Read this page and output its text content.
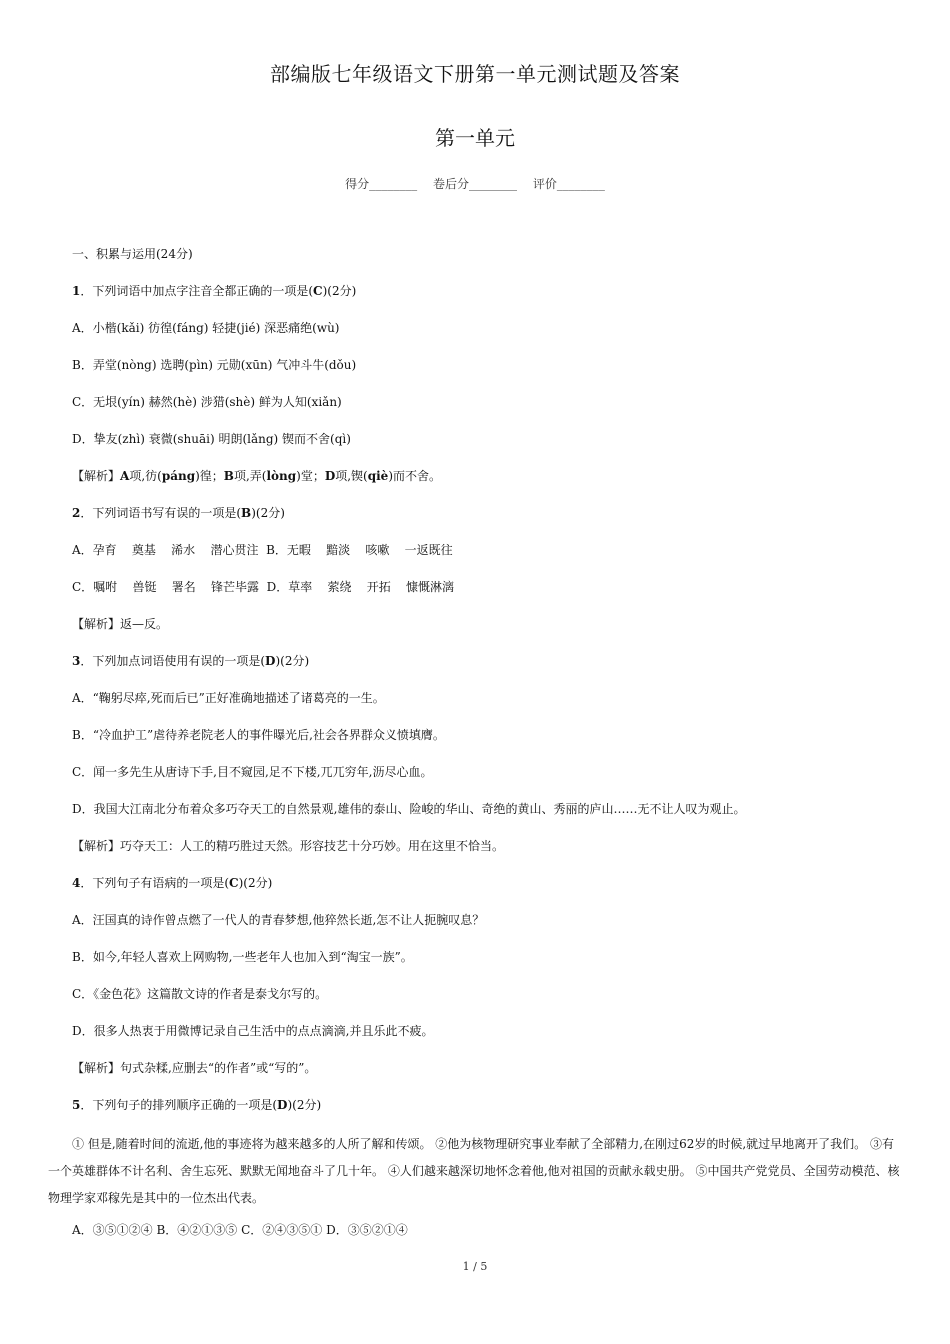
部编版七年级语文下册第一单元测试题及答案
第一单元
得分________ 卷后分________ 评价________
一、积累与运用(24分)
1．下列词语中加点字注音全都正确的一项是(C)(2分)
A．小楷(kǎi) 彷徨(fáng) 轻捷(jié) 深恶痛绝(wù)
B．弄堂(nòng) 选聘(pìn) 元勋(xūn) 气冲斗牛(dǒu)
C．无垠(yín) 赫然(hè) 涉猎(shè) 鲜为人知(xiǎn)
D．挚友(zhì) 衰微(shuāi) 明朗(lǎng) 锲而不舍(qì)
【解析】A项,彷(páng)徨；B项,弄(lòng)堂；D项,锲(qiè)而不舍。
2．下列词语书写有误的一项是(B)(2分)
A．孕育    奠基    浠水    潜心贯注  B．无暇    黯淡    咳嗽    一返既往
C．嘱咐    兽铤    署名    锋芒毕露  D．草率    萦绕    开拓    慷慨淋漓
【解析】返—反。
3．下列加点词语使用有误的一项是(D)(2分)
A．“鞠躬尽瘁,死而后已”正好准确地描述了诸葛亮的一生。
B．“冷血护工”虐待养老院老人的事件曝光后,社会各界群众义愤填膺。
C．闻一多先生从唐诗下手,目不窥园,足不下楼,兀兀穷年,沥尽心血。
D．我国大江南北分布着众多巧夺天工的自然景观,雄伟的泰山、险峻的华山、奇绝的黄山、秀丽的庐山……无不让人叹为观止。
【解析】巧夺天工：人工的精巧胜过天然。形容技艺十分巧妙。用在这里不恰当。
4．下列句子有语病的一项是(C)(2分)
A．汪国真的诗作曾点燃了一代人的青春梦想,他猝然长逝,怎不让人扼腕叹息？
B．如今,年轻人喜欢上网购物,一些老年人也加入到“淘宝一族”。
C．《金色花》这篇散文诗的作者是泰戈尔写的。
D．很多人热衷于用微博记录自己生活中的点点滴滴,并且乐此不疲。
【解析】句式杂糅,应删去“的作者”或“写的”。
5．下列句子的排列顺序正确的一项是(D)(2分)
① 但是,随着时间的流逝,他的事迹将为越来越多的人所了解和传颂。 ②他为核物理研究事业奉献了全部精力,在刚过62岁的时候,就过早地离开了我们。 ③有一个英雄群体不计名利、舍生忘死、默默无闻地奋斗了几十年。 ④人们越来越深切地怀念着他,他对祖国的贡献永载史册。 ⑤中国共产党党员、全国劳动模范、核物理学家邓稼先是其中的一位杰出代表。
A．③⑤①②④ B．④②①③⑤ C．②④③⑤① D．③⑤②①④
1 / 5
